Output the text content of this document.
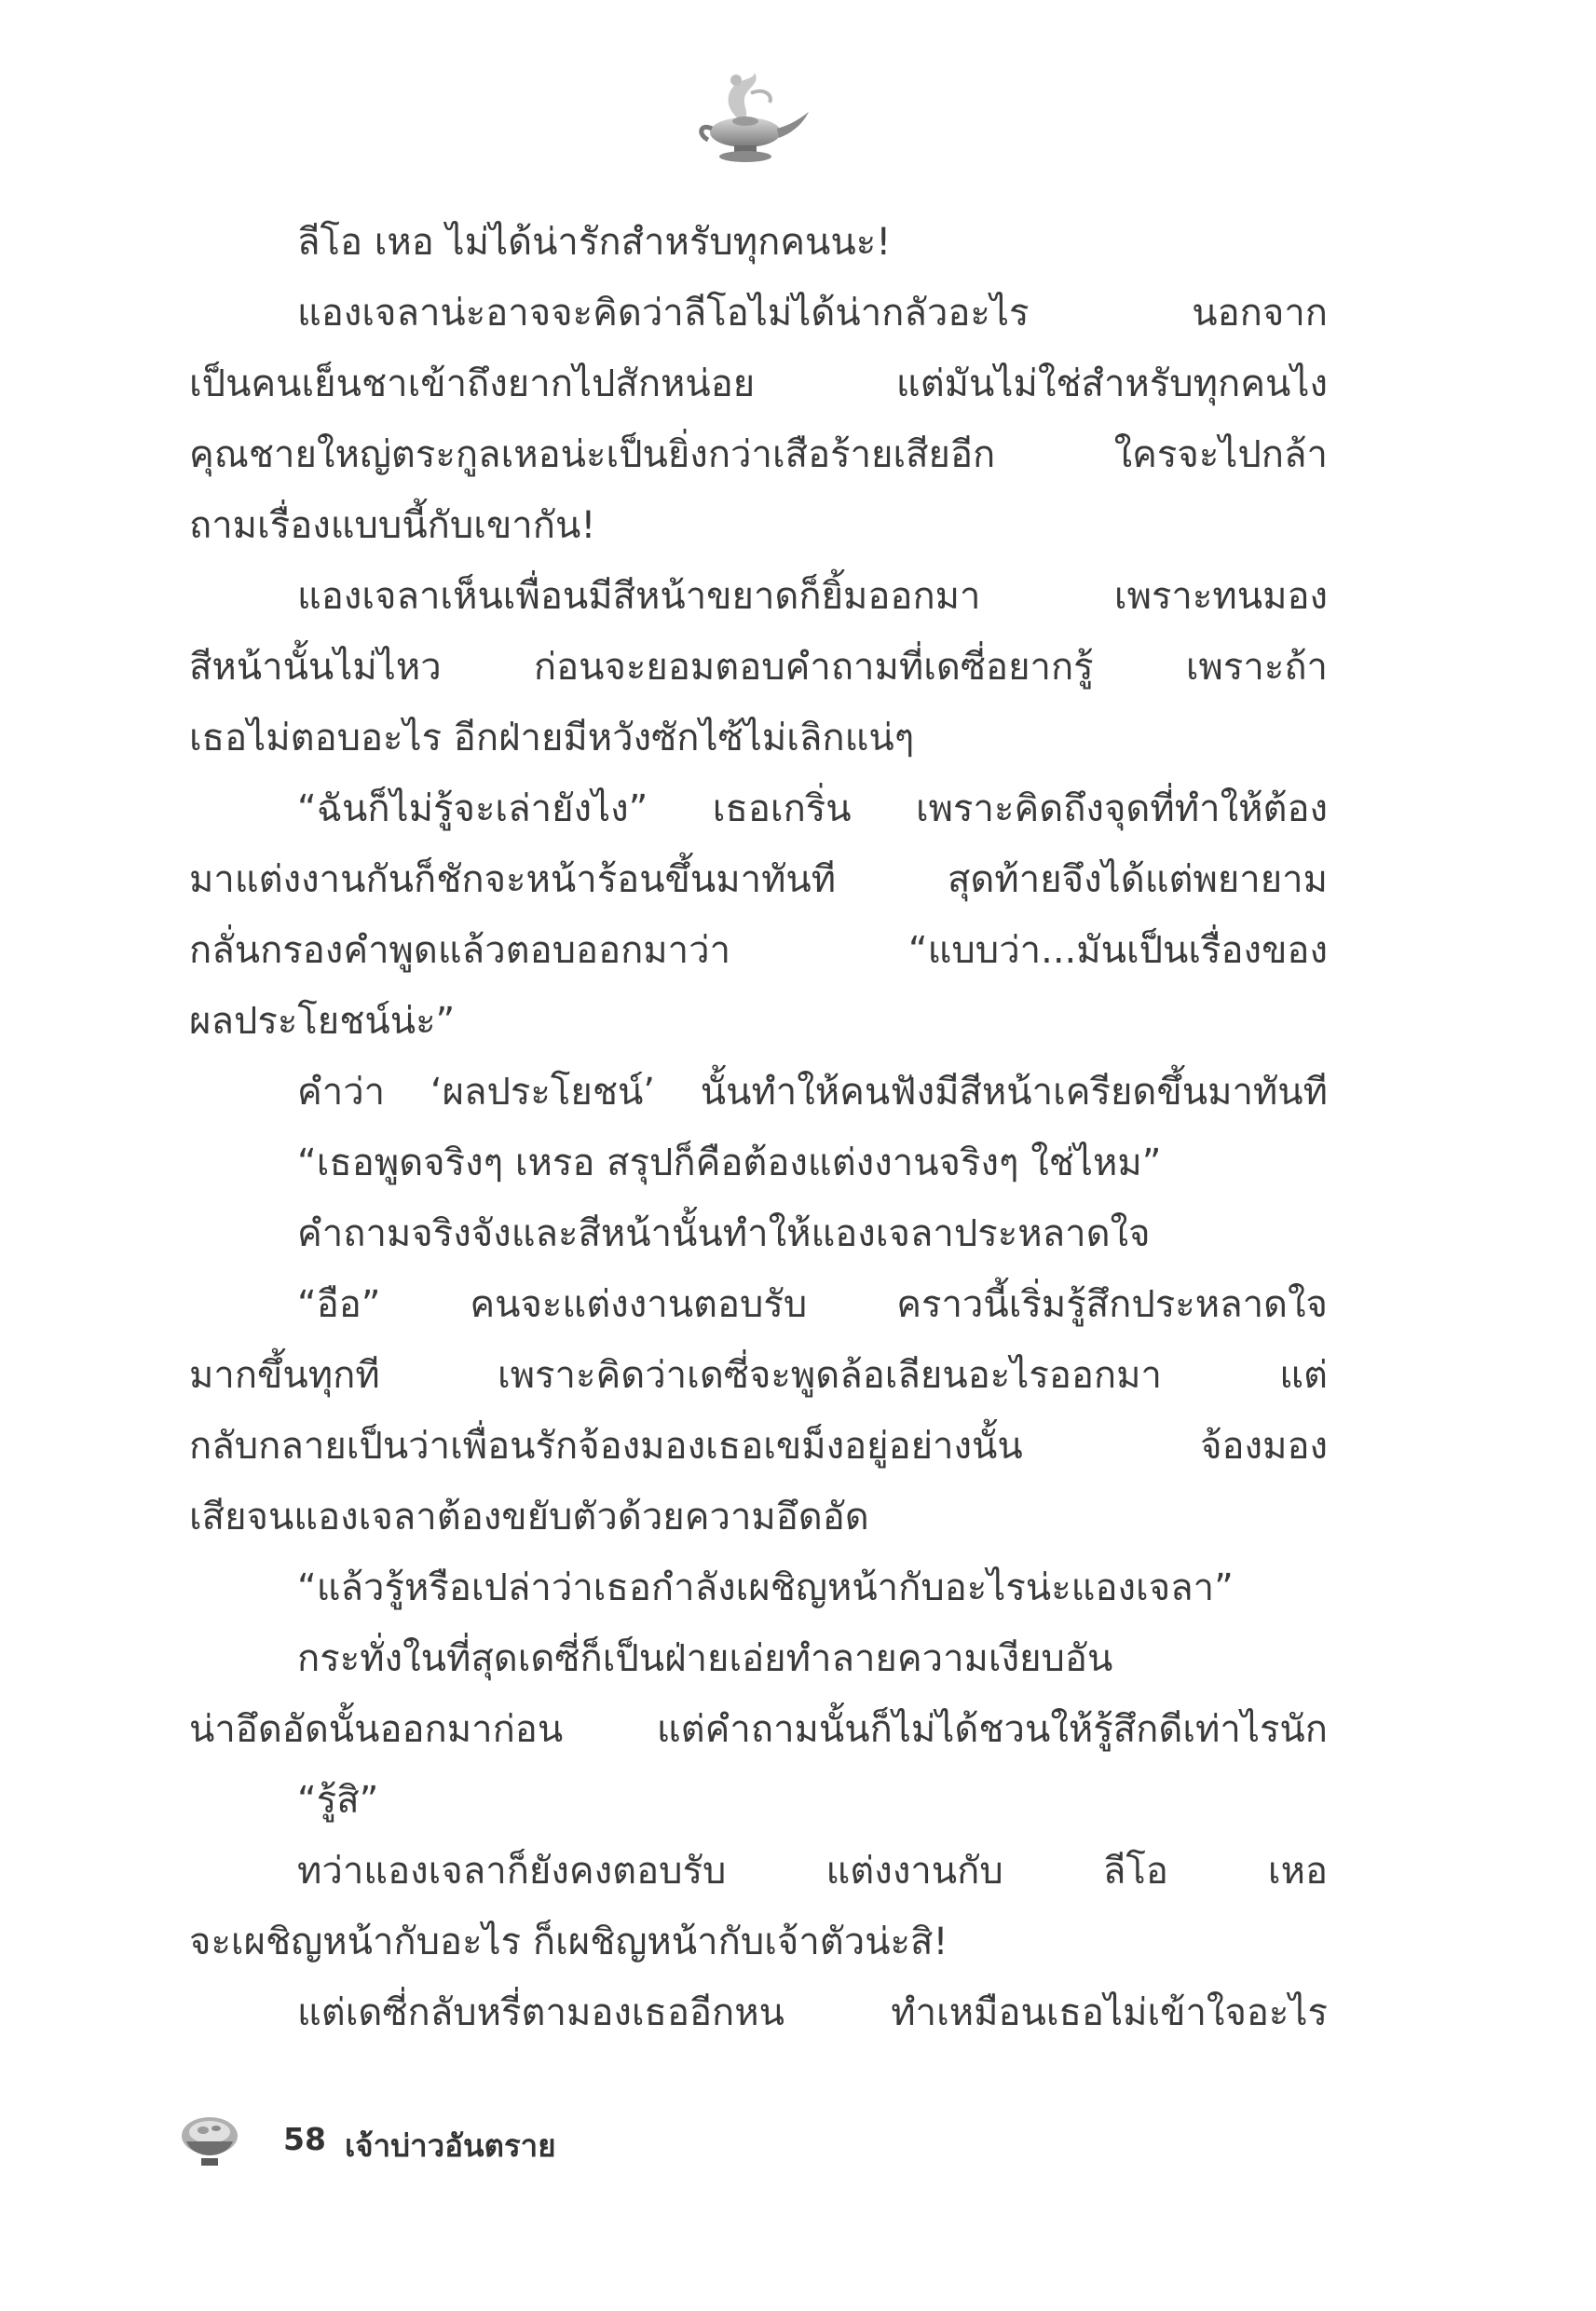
ลีโอ เหอ ไม่ได้น่ารักสำหรับทุกคนนะ!
แองเจลาน่ะอาจจะคิดว่าลีโอไม่ได้น่ากลัวอะไร นอกจาก
เป็นคนเย็นชาเข้าถึงยากไปสักหน่อย แต่มันไม่ใช่สำหรับทุกคนไง
คุณชายใหญ่ตระกูลเหอน่ะเป็นยิ่งกว่าเสือร้ายเสียอีก ใครจะไปกล้า
ถามเรื่องแบบนี้กับเขากัน!
แองเจลาเห็นเพื่อนมีสีหน้าขยาดก็ยิ้มออกมา เพราะทนมอง
สีหน้านั้นไม่ไหว ก่อนจะยอมตอบคำถามที่เดซี่อยากรู้ เพราะถ้า
เธอไม่ตอบอะไร อีกฝ่ายมีหวังซักไซ้ไม่เลิกแน่ๆ
“ฉันก็ไม่รู้จะเล่ายังไง” เธอเกริ่น เพราะคิดถึงจุดที่ทำให้ต้อง
มาแต่งงานกันก็ชักจะหน้าร้อนขึ้นมาทันที สุดท้ายจึงได้แต่พยายาม
กลั่นกรองคำพูดแล้วตอบออกมาว่า “แบบว่า...มันเป็นเรื่องของ
ผลประโยชน์น่ะ”
คำว่า ‘ผลประโยชน์’ นั้นทำให้คนฟังมีสีหน้าเครียดขึ้นมาทันที
“เธอพูดจริงๆ เหรอ สรุปก็คือต้องแต่งงานจริงๆ ใช่ไหม”
คำถามจริงจังและสีหน้านั้นทำให้แองเจลาประหลาดใจ
“อือ” คนจะแต่งงานตอบรับ คราวนี้เริ่มรู้สึกประหลาดใจ
มากขึ้นทุกที เพราะคิดว่าเดซี่จะพูดล้อเลียนอะไรออกมา แต่
กลับกลายเป็นว่าเพื่อนรักจ้องมองเธอเขม็งอยู่อย่างนั้น จ้องมอง
เสียจนแองเจลาต้องขยับตัวด้วยความอึดอัด
“แล้วรู้หรือเปล่าว่าเธอกำลังเผชิญหน้ากับอะไรน่ะแองเจลา”
กระทั่งในที่สุดเดซี่ก็เป็นฝ่ายเอ่ยทำลายความเงียบอัน
น่าอึดอัดนั้นออกมาก่อน แต่คำถามนั้นก็ไม่ได้ชวนให้รู้สึกดีเท่าไรนัก
“รู้สิ”
ทว่าแองเจลาก็ยังคงตอบรับ แต่งงานกับ ลีโอ เหอ
จะเผชิญหน้ากับอะไร ก็เผชิญหน้ากับเจ้าตัวน่ะสิ!
แต่เดซี่กลับหรี่ตามองเธออีกหน ทำเหมือนเธอไม่เข้าใจอะไร
58 เจ้าบ่าวอันตราย
